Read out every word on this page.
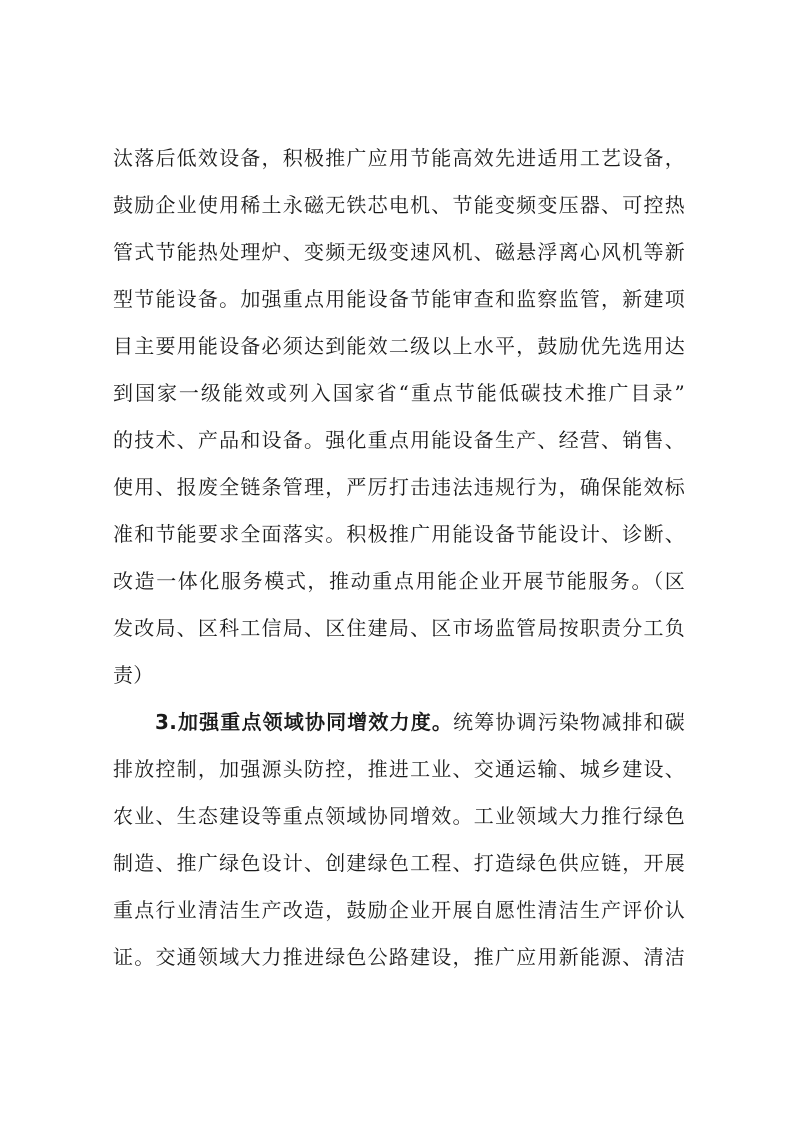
汰落后低效设备，积极推广应用节能高效先进适用工艺设备，
鼓励企业使用稀土永磁无铁芯电机、节能变频变压器、可控热
管式节能热处理炉、变频无级变速风机、磁悬浮离心风机等新
型节能设备。加强重点用能设备节能审查和监察监管，新建项
目主要用能设备必须达到能效二级以上水平，鼓励优先选用达
到国家一级能效或列入国家省“重点节能低碳技术推广目录”
的技术、产品和设备。强化重点用能设备生产、经营、销售、
使用、报废全链条管理，严厉打击违法违规行为，确保能效标
准和节能要求全面落实。积极推广用能设备节能设计、诊断、
改造一体化服务模式，推动重点用能企业开展节能服务。（区
发改局、区科工信局、区住建局、区市场监管局按职责分工负
责）
3.加强重点领域协同增效力度。统筹协调污染物减排和碳
排放控制，加强源头防控，推进工业、交通运输、城乡建设、
农业、生态建设等重点领域协同增效。工业领域大力推行绿色
制造、推广绿色设计、创建绿色工程、打造绿色供应链，开展
重点行业清洁生产改造，鼓励企业开展自愿性清洁生产评价认
证。交通领域大力推进绿色公路建设，推广应用新能源、清洁
